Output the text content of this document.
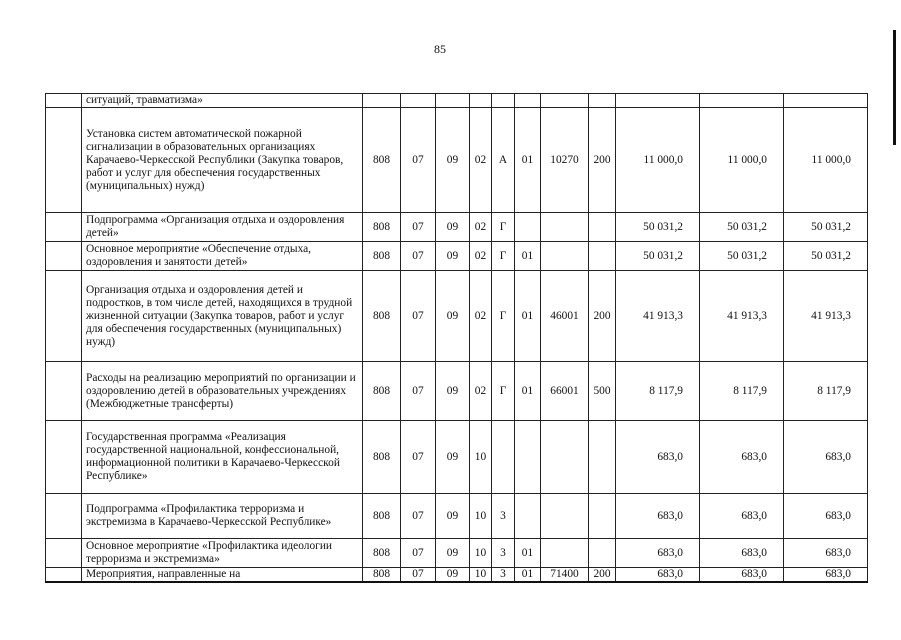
85
	ситуаций, травматизма»											
	Установка систем автоматической пожарной сигнализации в образовательных организациях Карачаево-Черкесской Республики (Закупка товаров, работ и услуг для обеспечения государственных (муниципальных) нужд)	808	07	09	02	А	01	10270	200	11 000,0	11 000,0	11 000,0
	Подпрограмма «Организация отдыха и оздоровления детей»	808	07	09	02	Г				50 031,2	50 031,2	50 031,2
	Основное мероприятие «Обеспечение отдыха, оздоровления и занятости детей»	808	07	09	02	Г	01			50 031,2	50 031,2	50 031,2
	Организация отдыха и оздоровления детей и подростков, в том числе детей, находящихся в трудной жизненной ситуации (Закупка товаров, работ и услуг для обеспечения государственных (муниципальных) нужд)	808	07	09	02	Г	01	46001	200	41 913,3	41 913,3	41 913,3
	Расходы на реализацию мероприятий по организации и оздоровлению детей в образовательных учреждениях (Межбюджетные трансферты)	808	07	09	02	Г	01	66001	500	8 117,9	8 117,9	8 117,9
	Государственная программа «Реализация государственной национальной, конфессиональной, информационной политики в Карачаево-Черкесской Республике»	808	07	09	10					683,0	683,0	683,0
	Подпрограмма «Профилактика терроризма и экстремизма в Карачаево-Черкесской Республике»	808	07	09	10	3				683,0	683,0	683,0
	Основное мероприятие «Профилактика идеологии терроризма и экстремизма»	808	07	09	10	3	01			683,0	683,0	683,0
	Мероприятия, направленные на	808	07	09	10	3	01	71400	200	683,0	683,0	683,0
